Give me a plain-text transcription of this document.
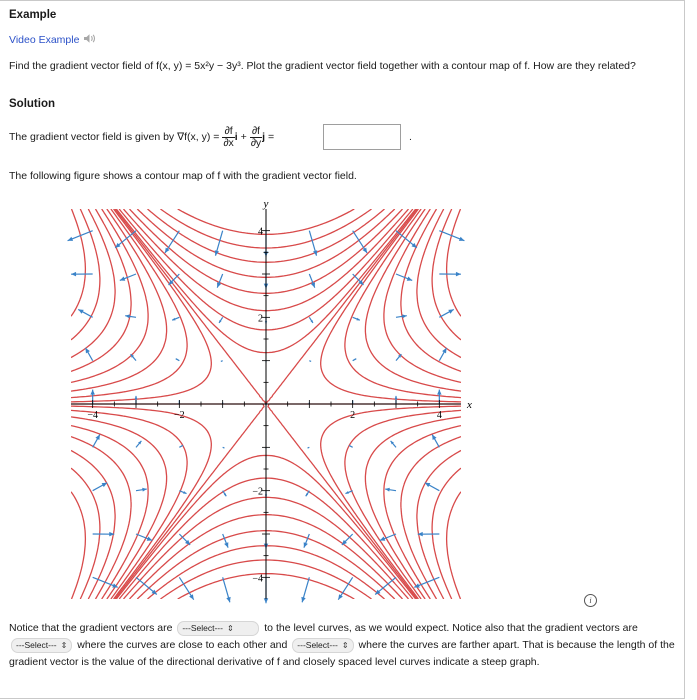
Example
Video Example
Find the gradient vector field of f(x, y) = 5x²y − 3y³. Plot the gradient vector field together with a contour map of f. How are they related?
Solution
The gradient vector field is given by ∇f(x, $y) = \frac{\partial f}{\partial x}$ $i + \frac{\partial f}{\partial y}$ j =	.
The following figure shows a contour map of f with the gradient vector field.
−4	−2	2	4
−4
−2
2
4
x
y
i
Notice that the gradient vectors are ---Select--- ⇕	to the level curves, as we would expect. Notice also that the gradient vectors are ---Select--- ⇕ where the curves are close to each other and ---Select--- ⇕ where the curves are farther apart. That is because the length of the gradient vector is the value of the directional derivative of f and closely spaced level curves indicate a steep graph.
